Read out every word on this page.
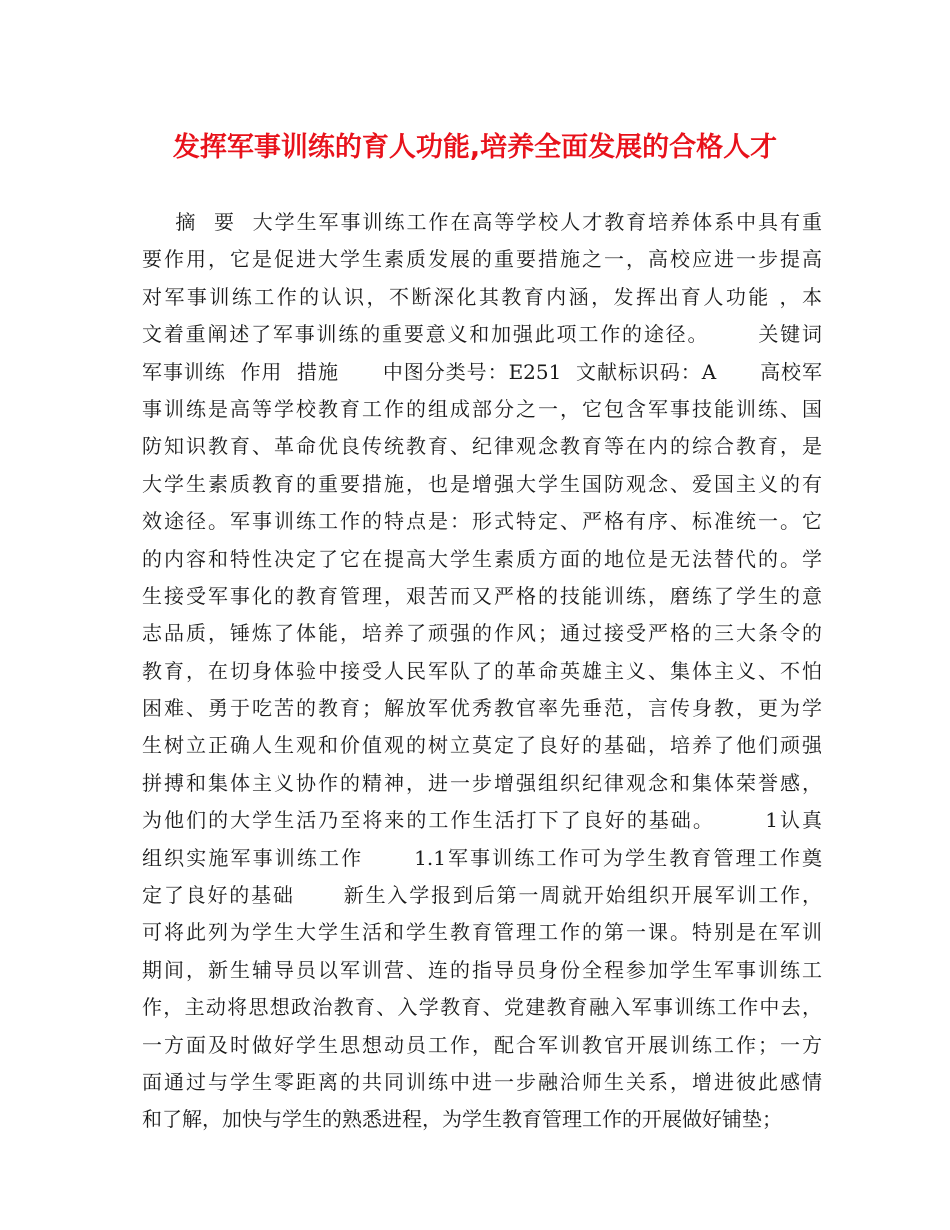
发挥军事训练的育人功能,培养全面发展的合格人才
摘  要  大学生军事训练工作在高等学校人才教育培养体系中具有重
要作用，它是促进大学生素质发展的重要措施之一，高校应进一步提高
对军事训练工作的认识，不断深化其教育内涵，发挥出育人功能 ，本
文着重阐述了军事训练的重要意义和加强此项工作的途径。      关键词
军事训练  作用  措施      中图分类号：E251  文献标识码：A      高校军
事训练是高等学校教育工作的组成部分之一，它包含军事技能训练、国
防知识教育、革命优良传统教育、纪律观念教育等在内的综合教育，是
大学生素质教育的重要措施，也是增强大学生国防观念、爱国主义的有
效途径。军事训练工作的特点是：形式特定、严格有序、标准统一。它
的内容和特性决定了它在提高大学生素质方面的地位是无法替代的。学
生接受军事化的教育管理，艰苦而又严格的技能训练，磨练了学生的意
志品质，锤炼了体能，培养了顽强的作风；通过接受严格的三大条令的
教育，在切身体验中接受人民军队了的革命英雄主义、集体主义、不怕
困难、勇于吃苦的教育；解放军优秀教官率先垂范，言传身教，更为学
生树立正确人生观和价值观的树立莫定了良好的基础，培养了他们顽强
拼搏和集体主义协作的精神，进一步增强组织纪律观念和集体荣誉感，
为他们的大学生活乃至将来的工作生活打下了良好的基础。      1认真
组织实施军事训练工作      1.1军事训练工作可为学生教育管理工作奠
定了良好的基础      新生入学报到后第一周就开始组织开展军训工作，
可将此列为学生大学生活和学生教育管理工作的第一课。特别是在军训
期间，新生辅导员以军训营、连的指导员身份全程参加学生军事训练工
作，主动将思想政治教育、入学教育、党建教育融入军事训练工作中去，
一方面及时做好学生思想动员工作，配合军训教官开展训练工作；一方
面通过与学生零距离的共同训练中进一步融洽师生关系，增进彼此感情
和了解，加快与学生的熟悉进程，为学生教育管理工作的开展做好铺垫；
